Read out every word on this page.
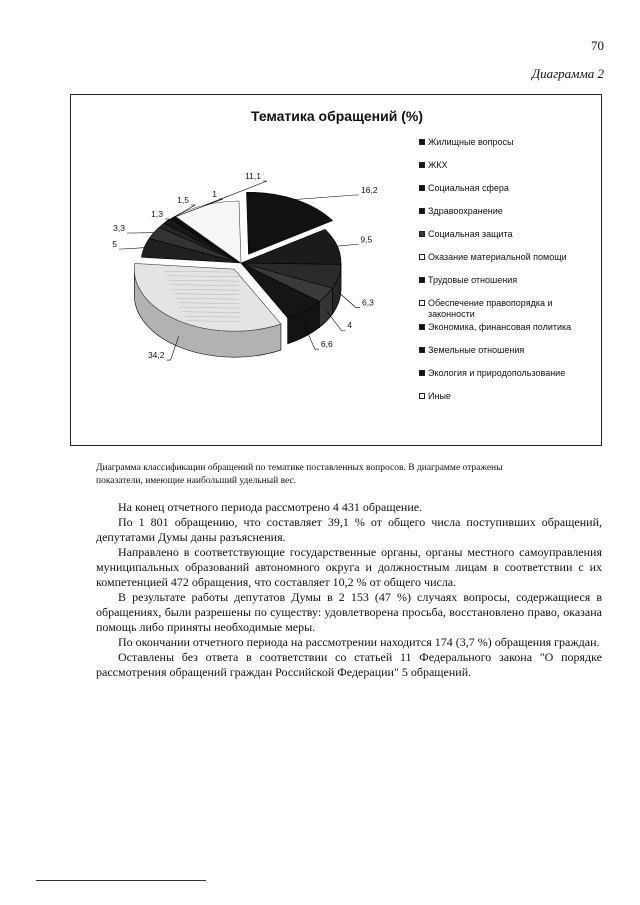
70
Диаграмма 2
16,2
9,5
6,3
4
6,6
34,2
5
3,3
1,3
1,5
1
11,1
Тематика обращений (%)
Жилищные вопросы
ЖКХ
Социальная сфера
Здравоохранение
Социальная защита
Оказание материальной помощи
Трудовые отношения
Обеспечение правопорядка и законности
Экономика, финансовая политика
Земельные отношения
Экология и природопользование
Иные
Диаграмма классификации обращений по тематике поставленных вопросов. В диаграмме отражены
показатели, имеющие наибольший удельный вес.

На конец отчетного периода рассмотрено 4 431 обращение.

По 1 801 обращению, что составляет 39,1 % от общего числа поступивших обращений, депутатами Думы даны разъяснения.

Направлено в соответствующие государственные органы, органы местного самоуправления муниципальных образований автономного округа и должностным лицам в соответствии с их компетенцией 472 обращения, что составляет 10,2 % от общего числа.

В результате работы депутатов Думы в 2 153 (47 %) случаях вопросы, содержащиеся в обращениях, были разрешены по существу: удовлетворена просьба, восстановлено право, оказана помощь либо приняты необходимые меры.

По окончании отчетного периода на рассмотрении находится 174 (3,7 %) обращения граждан.

Оставлены без ответа в соответствии со статьей 11 Федерального закона "О порядке рассмотрения обращений граждан Российской Федерации" 5 обращений.
